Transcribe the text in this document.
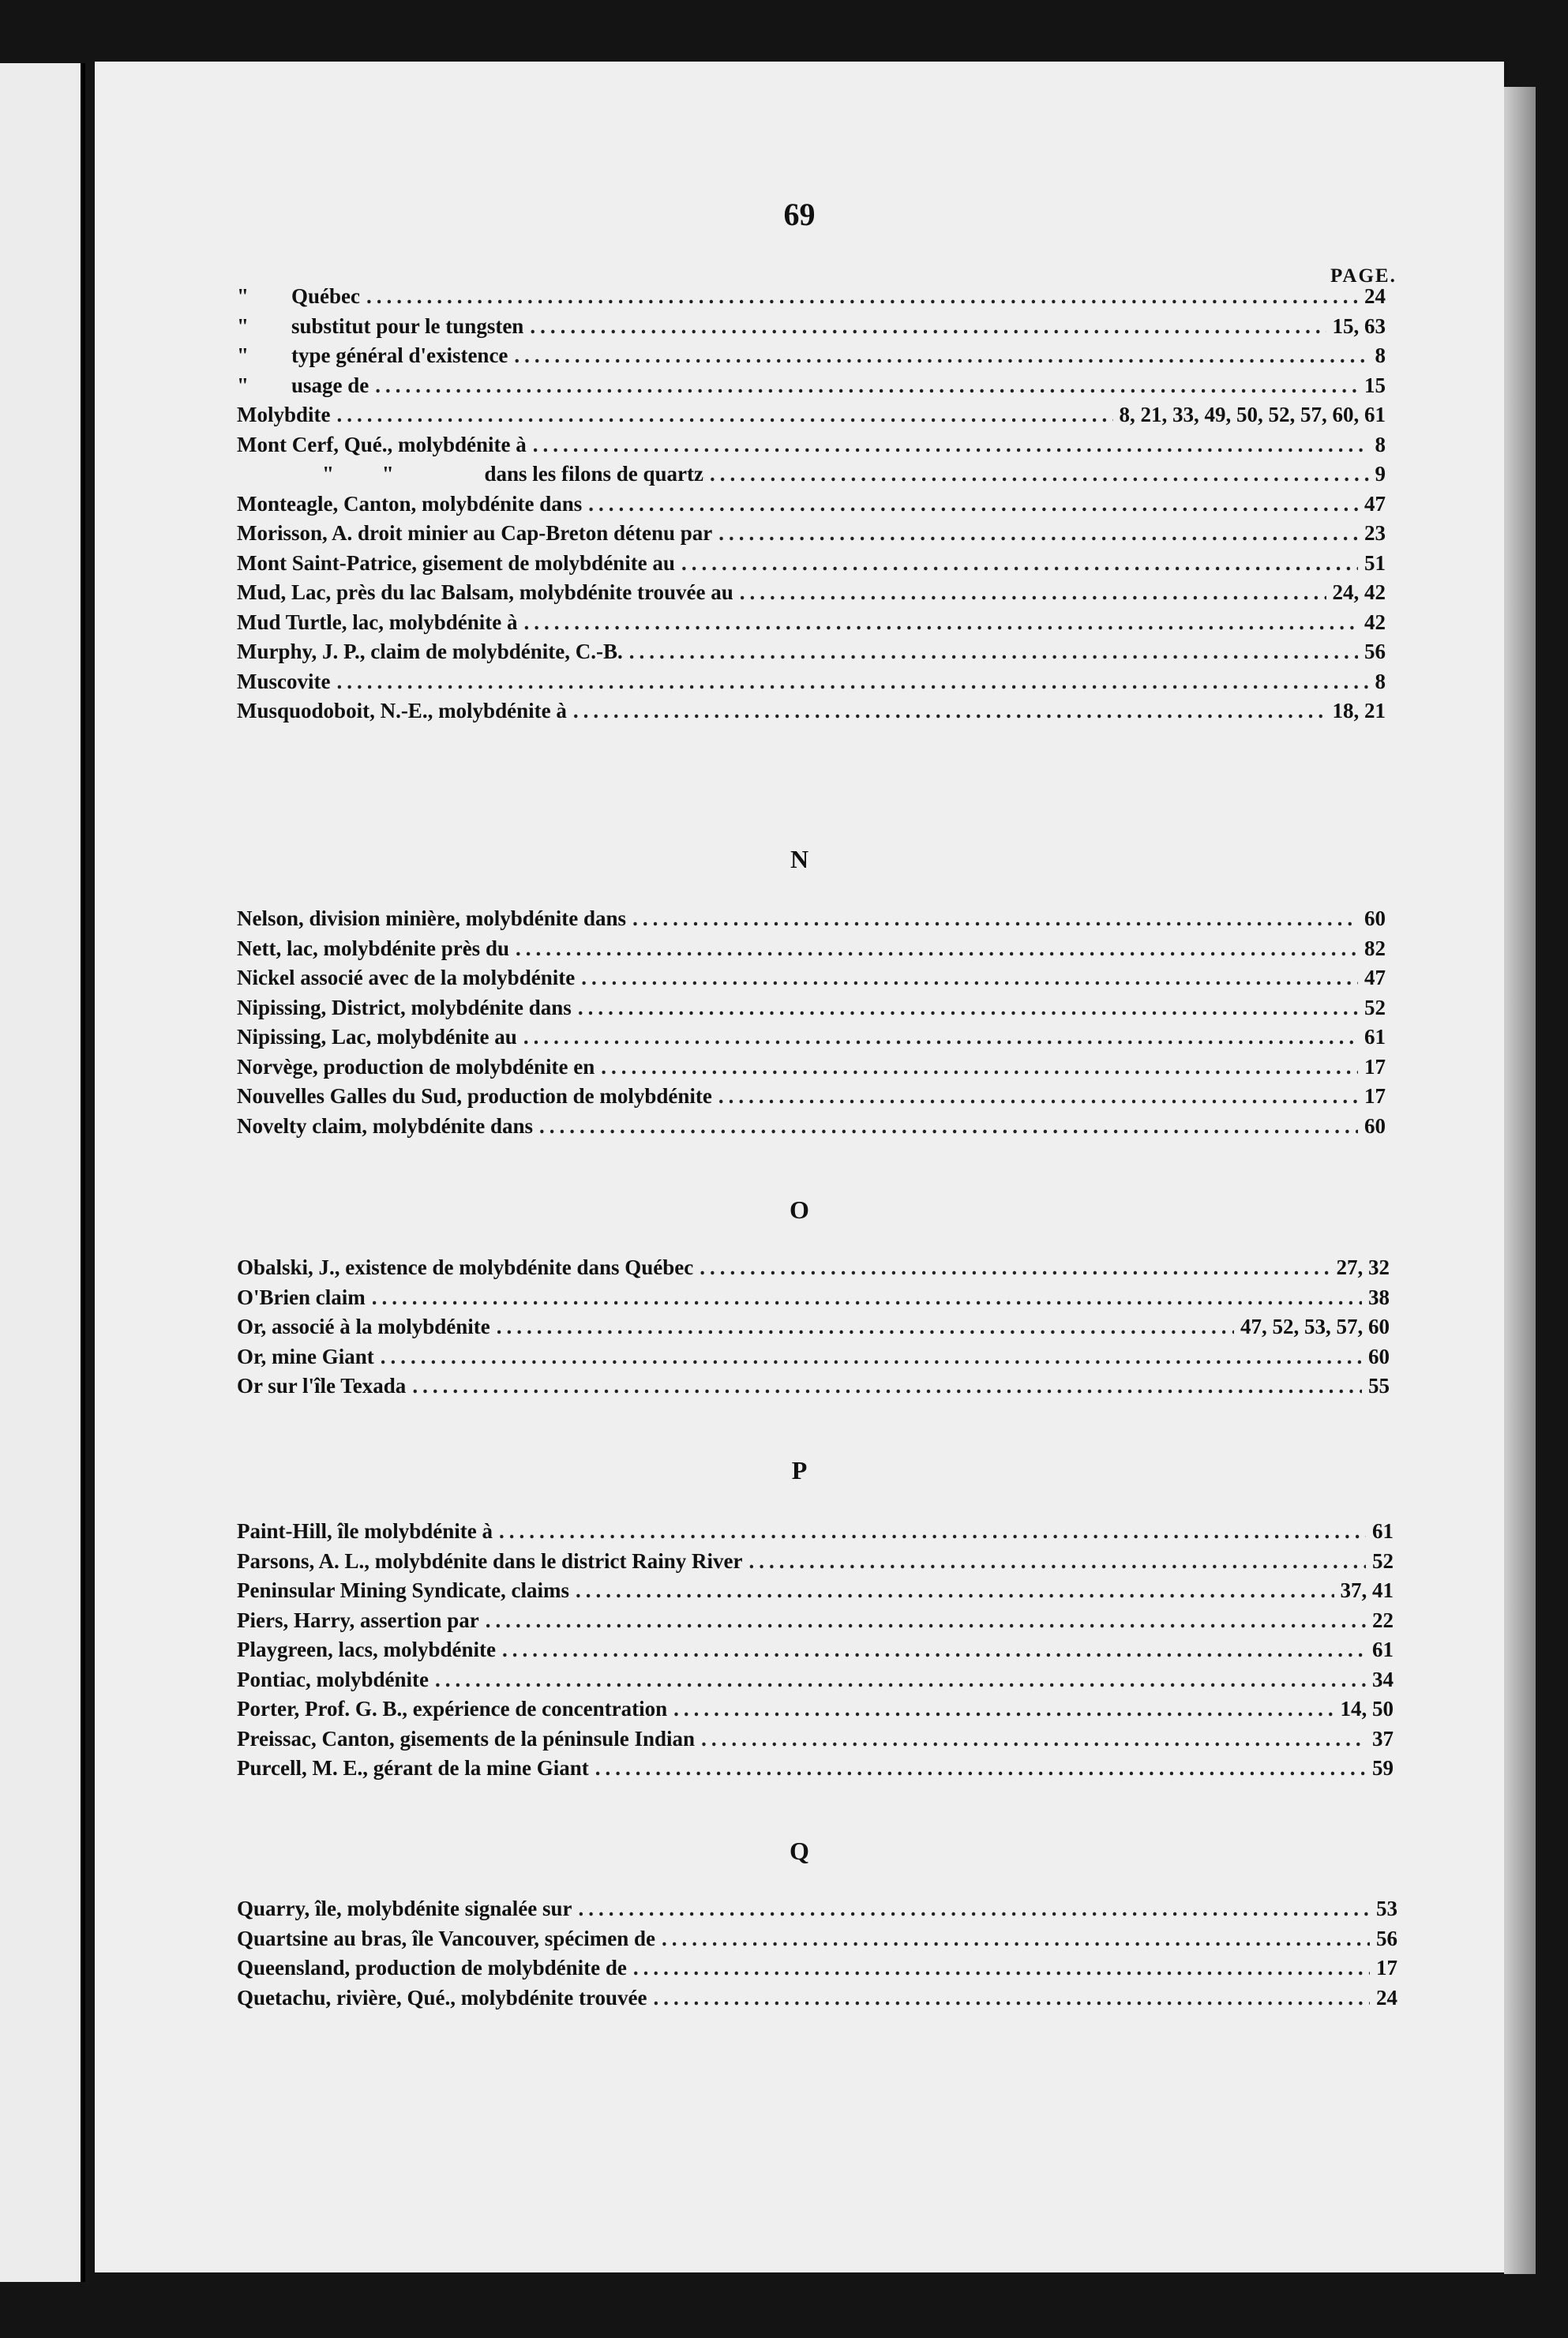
69
PAGE.
"        Québec .....	24
"        substitut pour le tungsten .....	15, 63
"        type général d'existence .....	8
"        usage de .....	15
Molybdite .....	8, 21, 33, 49, 50, 52, 57, 60, 61
Mont Cerf, Qué., molybdénite à .....	8
"         "                 dans les filons de quartz .....	9
Monteagle, Canton, molybdénite dans .....	47
Morisson, A. droit minier au Cap-Breton détenu par .....	23
Mont Saint-Patrice, gisement de molybdénite au .....	51
Mud, Lac, près du lac Balsam, molybdénite trouvée au .....	24, 42
Mud Turtle, lac, molybdénite à .....	42
Murphy, J. P., claim de molybdénite, C.-B. .....	56
Muscovite .....	8
Musquodoboit, N.-E., molybdénite à .....	18, 21
N
Nelson, division minière, molybdénite dans .....	60
Nett, lac, molybdénite près du .....	82
Nickel associé avec de la molybdénite .....	47
Nipissing, District, molybdénite dans .....	52
Nipissing, Lac, molybdénite au .....	61
Norvège, production de molybdénite en .....	17
Nouvelles Galles du Sud, production de molybdénite .....	17
Novelty claim, molybdénite dans .....	60
O
Obalski, J., existence de molybdénite dans Québec .....	27, 32
O'Brien claim .....	38
Or, associé à la molybdénite .....	47, 52, 53, 57, 60
Or, mine Giant .....	60
Or sur l'île Texada .....	55
P
Paint-Hill, île molybdénite à .....	61
Parsons, A. L., molybdénite dans le district Rainy River .....	52
Peninsular Mining Syndicate, claims .....	37, 41
Piers, Harry, assertion par .....	22
Playgreen, lacs, molybdénite .....	61
Pontiac, molybdénite .....	34
Porter, Prof. G. B., expérience de concentration .....	14, 50
Preissac, Canton, gisements de la péninsule Indian .....	37
Purcell, M. E., gérant de la mine Giant .....	59
Q
Quarry, île, molybdénite signalée sur .....	53
Quartsine au bras, île Vancouver, spécimen de .....	56
Queensland, production de molybdénite de .....	17
Quetachu, rivière, Qué., molybdénite trouvée .....	24
